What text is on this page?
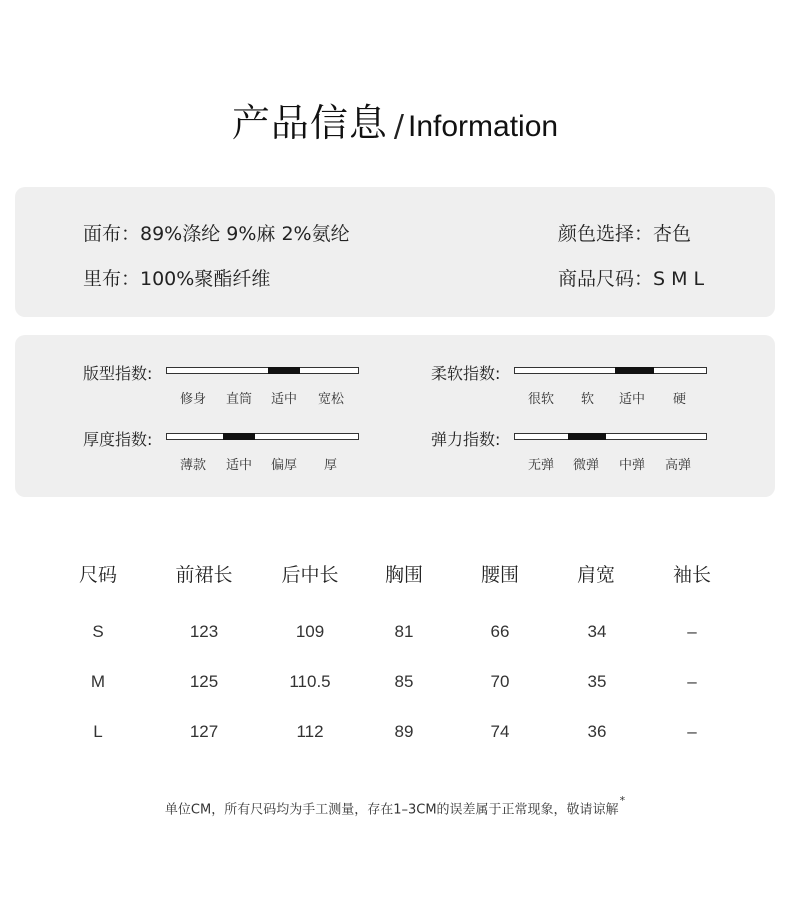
产品信息 / Information
面布：89%涤纶 9%麻 2%氨纶
里布：100%聚酯纤维
颜色选择：杏色
商品尺码：S M L
版型指数:
修身 直筒 适中 宽松
柔软指数:
很软 软 适中 硬
厚度指数:
薄款 适中 偏厚 厚
弹力指数:
无弹 微弹 中弹 高弹
尺码	前裙长	后中长 胸围	腰围	肩宽	袖长
S	123	109	81	66	34	–
M	125	110.5	85	70	35	–
L	127	112	89	74	36	–
单位CM，所有尺码均为手工测量，存在1–3CM的误差属于正常现象，敬请谅解*
